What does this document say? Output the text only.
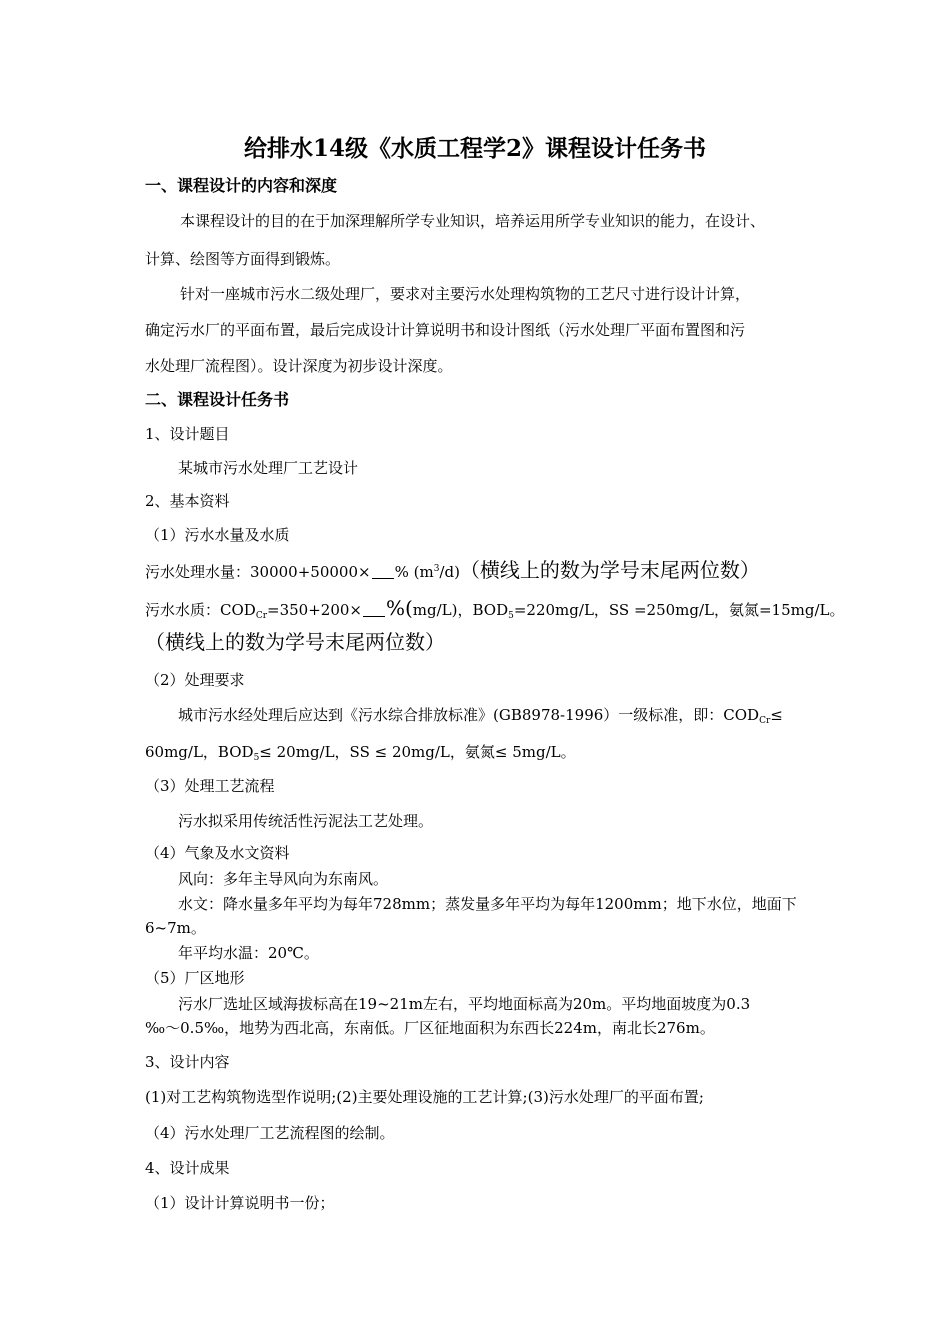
给排水14级《水质工程学2》课程设计任务书
一、课程设计的内容和深度
本课程设计的目的在于加深理解所学专业知识，培养运用所学专业知识的能力，在设计、
计算、绘图等方面得到锻炼。
针对一座城市污水二级处理厂，要求对主要污水处理构筑物的工艺尺寸进行设计计算，
确定污水厂的平面布置，最后完成设计计算说明书和设计图纸（污水处理厂平面布置图和污
水处理厂流程图）。设计深度为初步设计深度。
二、课程设计任务书
1、设计题目
某城市污水处理厂工艺设计
2、基本资料
（1）污水水量及水质
污水处理水量：30000+50000× % $(m^3/d)$（横线上的数为学号末尾两位数）
污水水质：$COD_{Cr}=350+200\times \%(mg/L)$，$BOD_5=220mg/L$，SS =250mg/L，氨氮=15mg/L。
（横线上的数为学号末尾两位数）
（2）处理要求
城市污水经处理后应达到《污水综合排放标准》(GB8978-1996）一级标准，即：$COD_{Cr}\le$
60mg/L，$BOD_5\le 20mg/L$，SS ≤ 20mg/L，氨氮≤ 5mg/L。
（3）处理工艺流程
污水拟采用传统活性污泥法工艺处理。
（4）气象及水文资料
风向：多年主导风向为东南风。
水文：降水量多年平均为每年728mm；蒸发量多年平均为每年1200mm；地下水位，地面下
6~7m。
年平均水温：20℃。
（5）厂区地形
污水厂选址区域海拔标高在19~21m左右，平均地面标高为20m。平均地面坡度为0.3
‰～0.5‰，地势为西北高，东南低。厂区征地面积为东西长224m，南北长276m。
3、设计内容
(1)对工艺构筑物选型作说明;(2)主要处理设施的工艺计算;(3)污水处理厂的平面布置;
（4）污水处理厂工艺流程图的绘制。
4、设计成果
（1）设计计算说明书一份；
